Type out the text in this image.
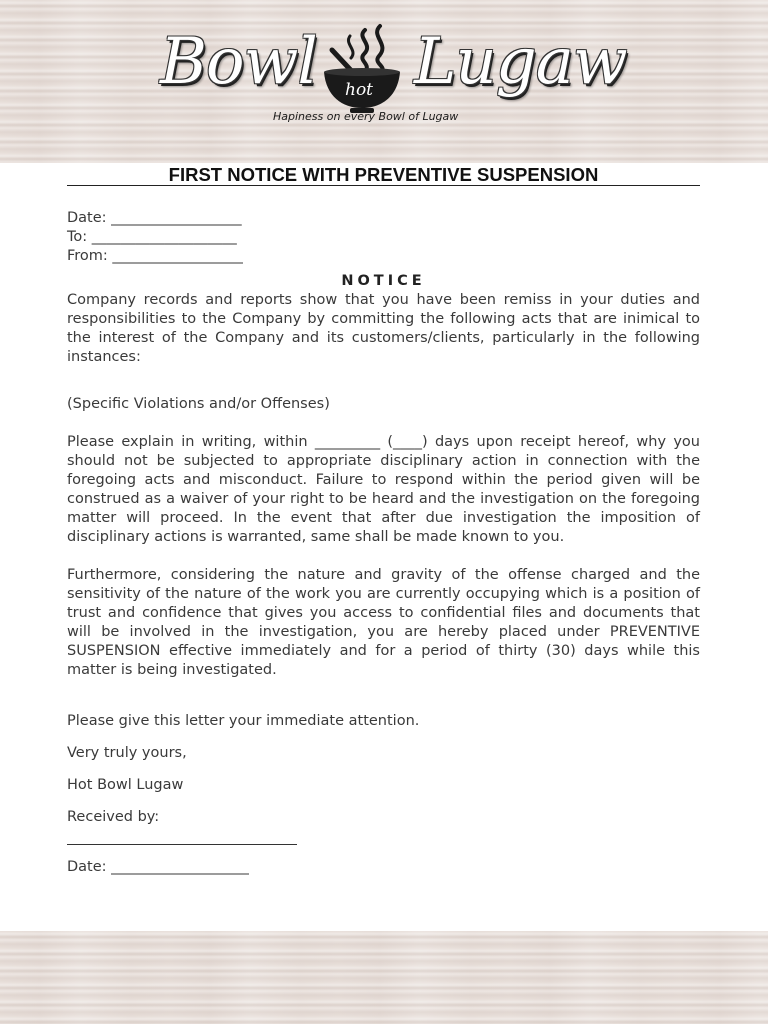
Bowl hot Lugaw
Hapiness on every Bowl of Lugaw
FIRST NOTICE WITH PREVENTIVE SUSPENSION
Date: __________________
To: ____________________
From: __________________
NOTICE

Company records and reports show that you have been remiss in your duties and responsibilities to the Company by committing the following acts that are inimical to the interest of the Company and its customers/clients, particularly in the following instances:

(Specific Violations and/or Offenses)

Please explain in writing, within _________ (____) days upon receipt hereof, why you should not be subjected to appropriate disciplinary action in connection with the foregoing acts and misconduct. Failure to respond within the period given will be construed as a waiver of your right to be heard and the investigation on the foregoing matter will proceed. In the event that after due investigation the imposition of disciplinary actions is warranted, same shall be made known to you.

Furthermore, considering the nature and gravity of the offense charged and the sensitivity of the nature of the work you are currently occupying which is a position of trust and confidence that gives you access to confidential files and documents that will be involved in the investigation, you are hereby placed under PREVENTIVE SUSPENSION effective immediately and for a period of thirty (30) days while this matter is being investigated.

Please give this letter your immediate attention.

Very truly yours,

Hot Bowl Lugaw

Received by:

Date: ___________________
